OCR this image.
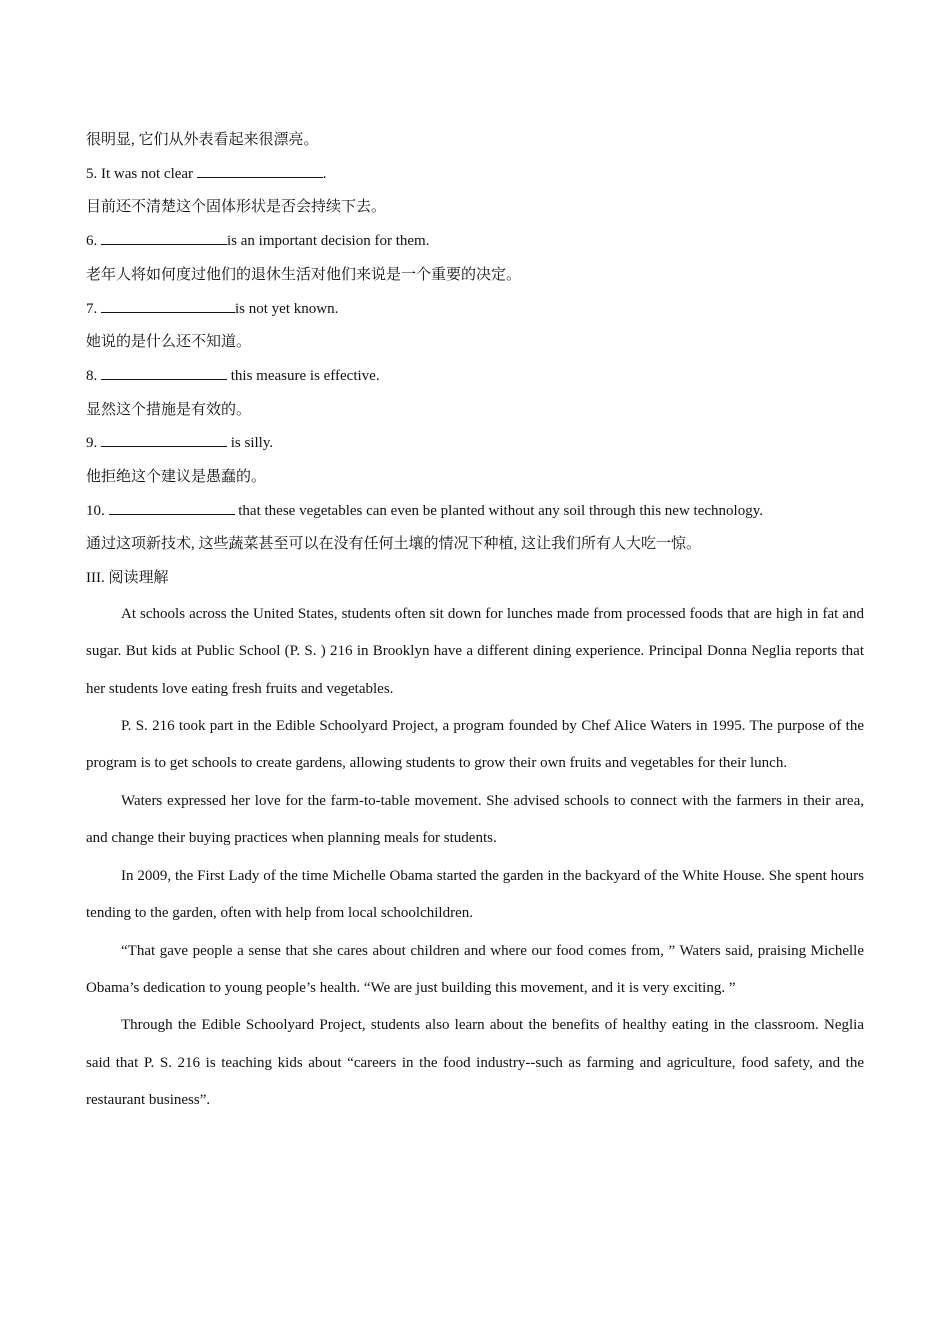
很明显, 它们从外表看起来很漂亮。
5. It was not clear	.
目前还不清楚这个固体形状是否会持续下去。
6.	is an important decision for them.
老年人将如何度过他们的退休生活对他们来说是一个重要的决定。
7.	is not yet known.
她说的是什么还不知道。
8.	this measure is effective.
显然这个措施是有效的。
9.	is silly.
他拒绝这个建议是愚蠢的。
10.	that these vegetables can even be planted without any soil through this new technology.
通过这项新技术, 这些蔬菜甚至可以在没有任何土壤的情况下种植, 这让我们所有人大吃一惊。
III. 阅读理解

At schools across the United States, students often sit down for lunches made from processed foods that are high in fat and sugar. But kids at Public School (P. S. ) 216 in Brooklyn have a different dining experience. Principal Donna Neglia reports that her students love eating fresh fruits and vegetables.

P. S. 216 took part in the Edible Schoolyard Project, a program founded by Chef Alice Waters in 1995. The purpose of the program is to get schools to create gardens, allowing students to grow their own fruits and vegetables for their lunch.

Waters expressed her love for the farm-to-table movement. She advised schools to connect with the farmers in their area, and change their buying practices when planning meals for students.

In 2009, the First Lady of the time Michelle Obama started the garden in the backyard of the White House. She spent hours tending to the garden, often with help from local schoolchildren.

“That gave people a sense that she cares about children and where our food comes from, ” Waters said, praising Michelle Obama’s dedication to young people’s health. “We are just building this movement, and it is very exciting. ”

Through the Edible Schoolyard Project, students also learn about the benefits of healthy eating in the classroom. Neglia said that P. S. 216 is teaching kids about “careers in the food industry--such as farming and agriculture, food safety, and the restaurant business”.
